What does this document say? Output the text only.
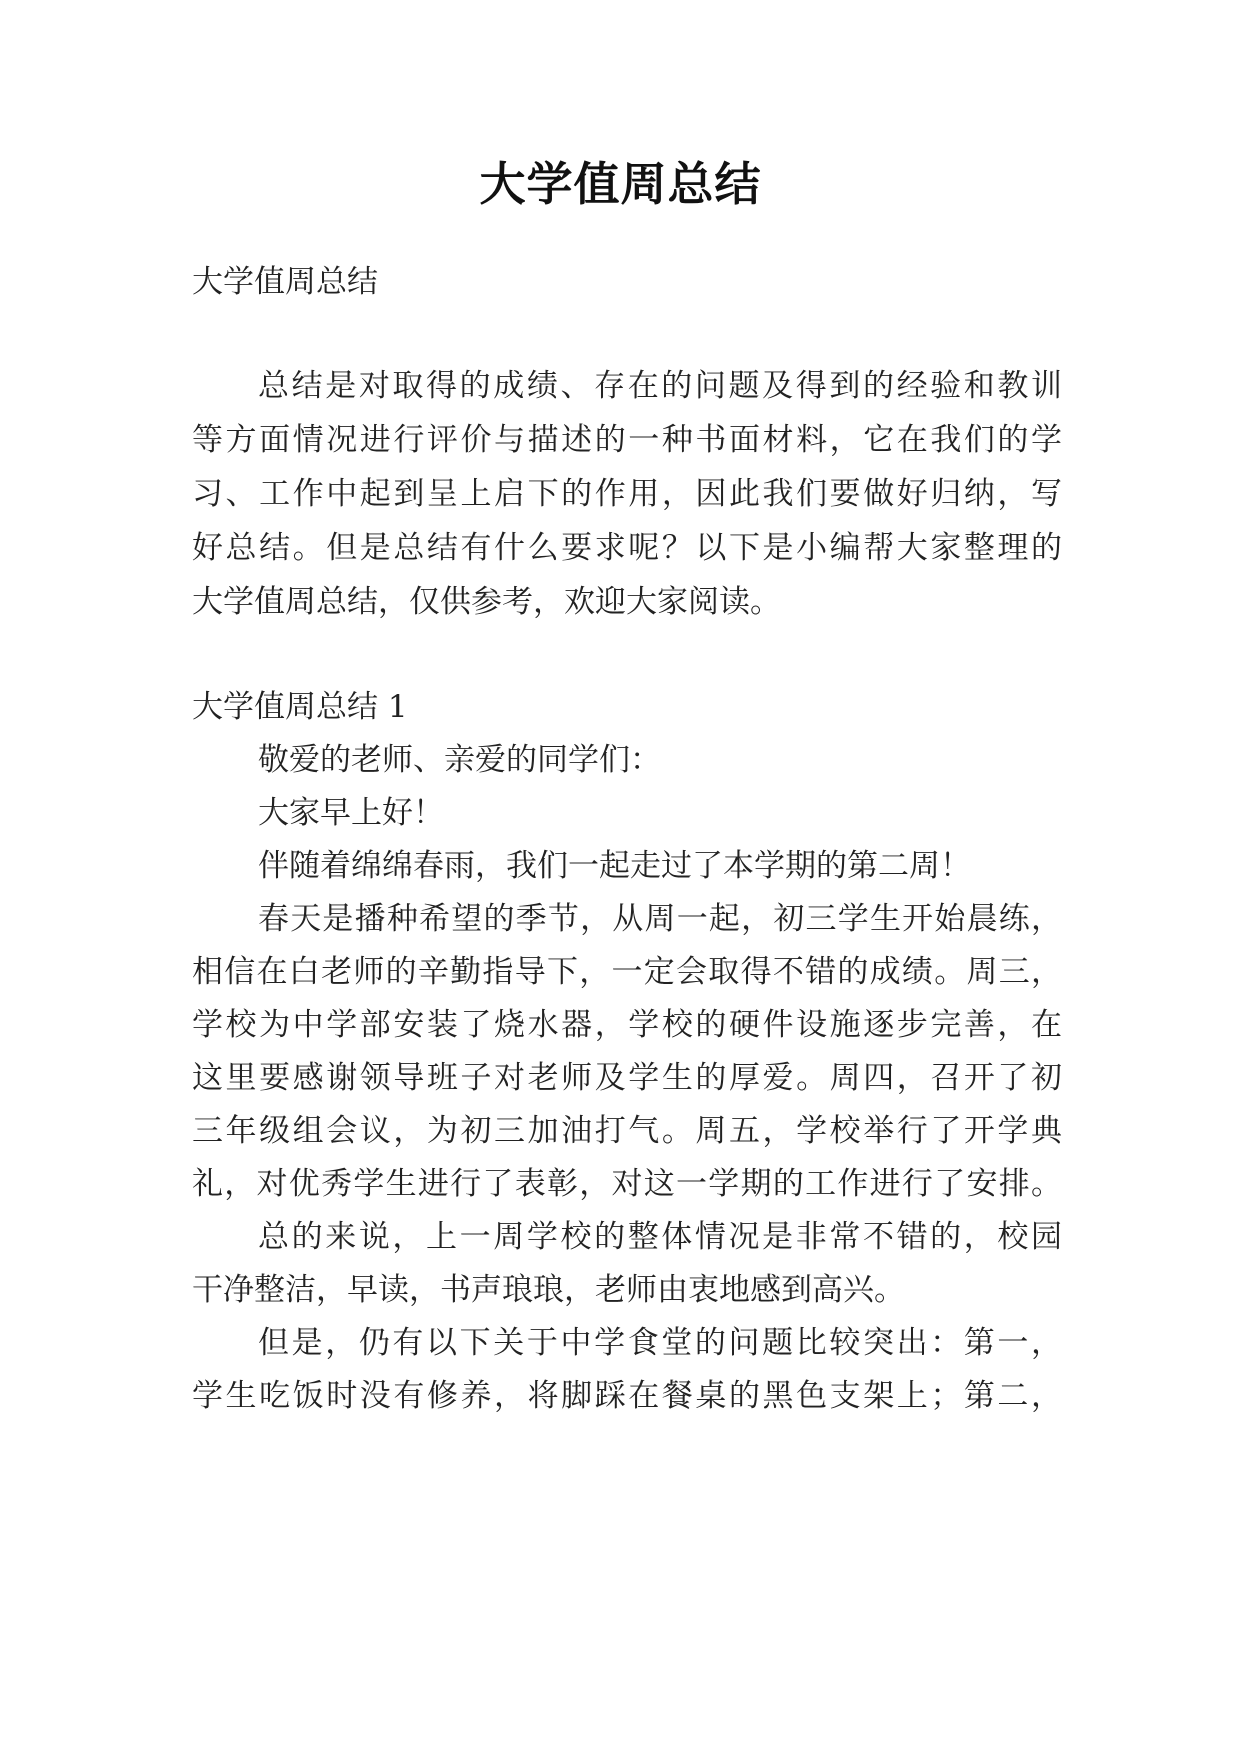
大学值周总结
大学值周总结
总结是对取得的成绩、存在的问题及得到的经验和教训
等方面情况进行评价与描述的一种书面材料，它在我们的学
习、工作中起到呈上启下的作用，因此我们要做好归纳，写
好总结。但是总结有什么要求呢？以下是小编帮大家整理的
大学值周总结，仅供参考，欢迎大家阅读。
大学值周总结 1
敬爱的老师、亲爱的同学们：
大家早上好！
伴随着绵绵春雨，我们一起走过了本学期的第二周！
春天是播种希望的季节，从周一起，初三学生开始晨练，
相信在白老师的辛勤指导下，一定会取得不错的成绩。周三，
学校为中学部安装了烧水器，学校的硬件设施逐步完善，在
这里要感谢领导班子对老师及学生的厚爱。周四，召开了初
三年级组会议，为初三加油打气。周五，学校举行了开学典
礼，对优秀学生进行了表彰，对这一学期的工作进行了安排。
总的来说，上一周学校的整体情况是非常不错的，校园
干净整洁，早读，书声琅琅，老师由衷地感到高兴。
但是，仍有以下关于中学食堂的问题比较突出：第一，
学生吃饭时没有修养，将脚踩在餐桌的黑色支架上；第二，
